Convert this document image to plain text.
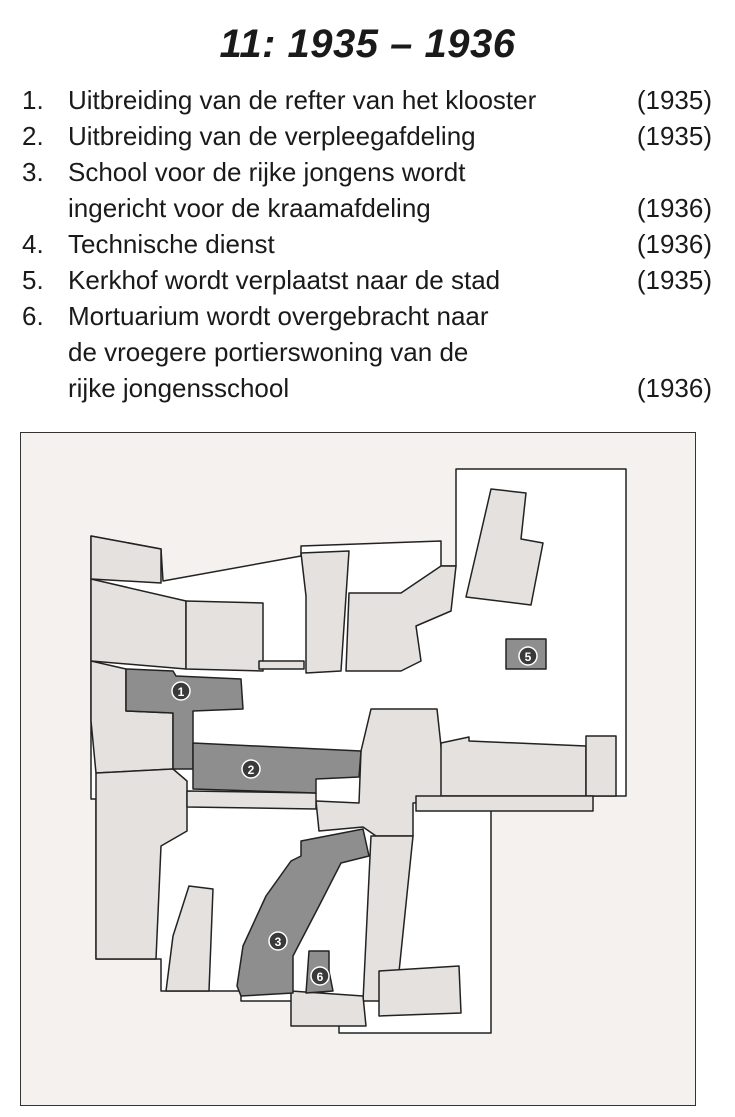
11: 1935 – 1936
1. Uitbreiding van de refter van het klooster	(1935)
2. Uitbreiding van de verpleegafdeling	(1935)
3. School voor de rijke jongens wordt
ingericht voor de kraamafdeling	(1936)
4. Technische dienst	(1936)
5. Kerkhof wordt verplaatst naar de stad	(1935)
6. Mortuarium wordt overgebracht naar
de vroegere portierswoning van de
rijke jongensschool	(1936)
1
2
3
5
6
